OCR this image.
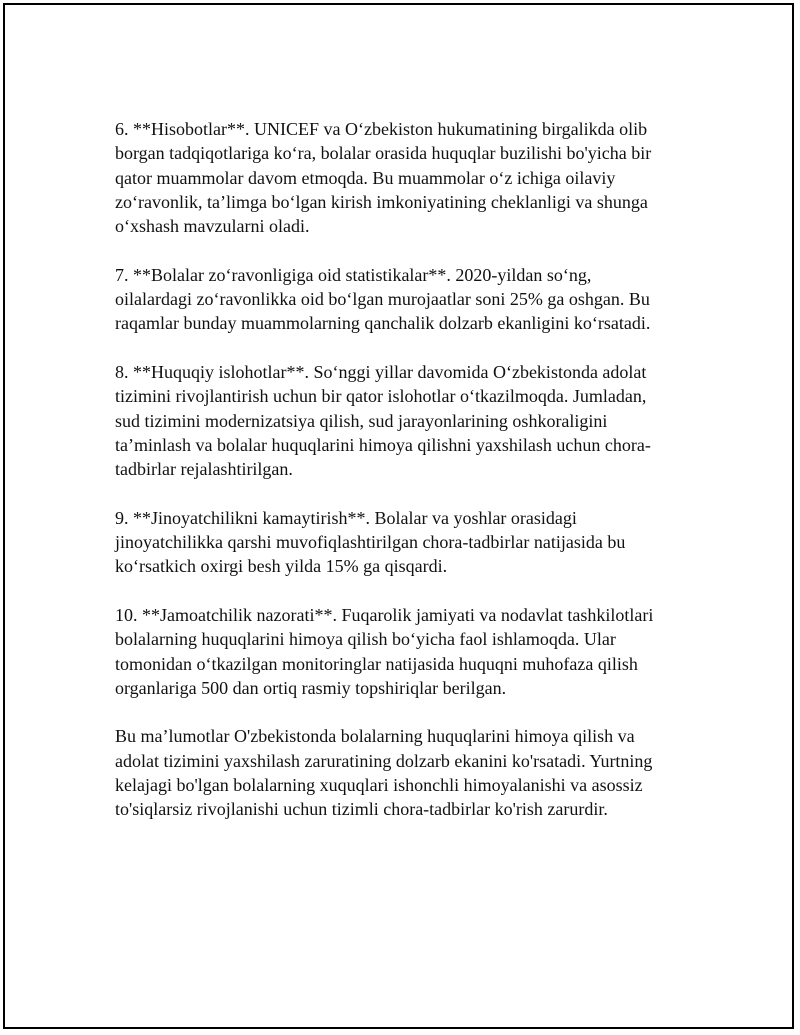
6. **Hisobotlar**. UNICEF va O‘zbekiston hukumatining birgalikda olib
borgan tadqiqotlariga ko‘ra, bolalar orasida huquqlar buzilishi bo'yicha bir
qator muammolar davom etmoqda. Bu muammolar o‘z ichiga oilaviy
zo‘ravonlik, ta’limga bo‘lgan kirish imkoniyatining cheklanligi va shunga
o‘xshash mavzularni oladi.
7. **Bolalar zo‘ravonligiga oid statistikalar**. 2020-yildan so‘ng,
oilalardagi zo‘ravonlikka oid bo‘lgan murojaatlar soni 25% ga oshgan. Bu
raqamlar bunday muammolarning qanchalik dolzarb ekanligini ko‘rsatadi.
8. **Huquqiy islohotlar**. So‘nggi yillar davomida O‘zbekistonda adolat
tizimini rivojlantirish uchun bir qator islohotlar o‘tkazilmoqda. Jumladan,
sud tizimini modernizatsiya qilish, sud jarayonlarining oshkoraligini
ta’minlash va bolalar huquqlarini himoya qilishni yaxshilash uchun chora-
tadbirlar rejalashtirilgan.
9. **Jinoyatchilikni kamaytirish**. Bolalar va yoshlar orasidagi
jinoyatchilikka qarshi muvofiqlashtirilgan chora-tadbirlar natijasida bu
ko‘rsatkich oxirgi besh yilda 15% ga qisqardi.
10. **Jamoatchilik nazorati**. Fuqarolik jamiyati va nodavlat tashkilotlari
bolalarning huquqlarini himoya qilish bo‘yicha faol ishlamoqda. Ular
tomonidan o‘tkazilgan monitoringlar natijasida huquqni muhofaza qilish
organlariga 500 dan ortiq rasmiy topshiriqlar berilgan.
Bu ma’lumotlar O'zbekistonda bolalarning huquqlarini himoya qilish va
adolat tizimini yaxshilash zaruratining dolzarb ekanini ko'rsatadi. Yurtning
kelajagi bo'lgan bolalarning xuquqlari ishonchli himoyalanishi va asossiz
to'siqlarsiz rivojlanishi uchun tizimli chora-tadbirlar ko'rish zarurdir.
